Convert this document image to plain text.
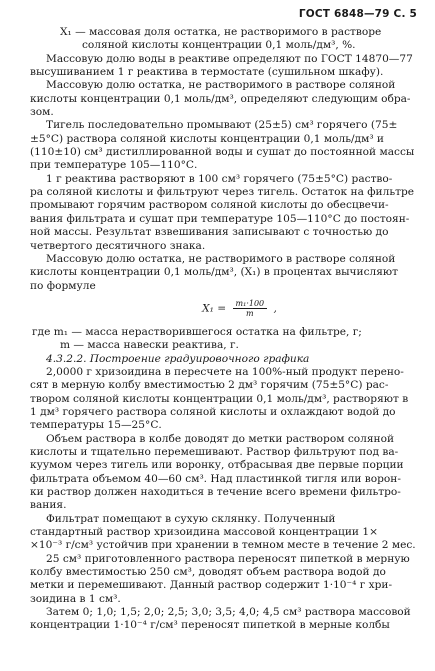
ГОСТ 6848—79 С. 5
X₁ — массовая доля остатка, не растворимого в растворе
соляной кислоты концентрации 0,1 моль/дм³, %.
Массовую долю воды в реактиве определяют по ГОСТ 14870—77
высушиванием 1 г реактива в термостате (сушильном шкафу).
Массовую долю остатка, не растворимого в растворе соляной
кислоты концентрации 0,1 моль/дм³, определяют следующим обра-
зом.
Тигель последовательно промывают (25±5) см³ горячего (75±
±5°С) раствора соляной кислоты концентрации 0,1 моль/дм³ и
(110±10) см³ дистиллированной воды и сушат до постоянной массы
при температуре 105—110°С.
1 г реактива растворяют в 100 см³ горячего (75±5°С) раство-
ра соляной кислоты и фильтруют через тигель. Остаток на фильтре
промывают горячим раствором соляной кислоты до обесцвечи-
вания фильтрата и сушат при температуре 105—110°С до постоян-
ной массы. Результат взвешивания записывают с точностью до
четвертого десятичного знака.
Массовую долю остатка, не растворимого в растворе соляной
кислоты концентрации 0,1 моль/дм³, (X₁) в процентах вычисляют
по формуле
$X_1 = \frac{\text{m₁·100}}{m}$ ,
где m₁ — масса нерастворившегося остатка на фильтре, г;
m — масса навески реактива, г.
4.3.2.2. Построение градуировочного графика
2,0000 г хризоидина в пересчете на 100%-ный продукт перено-
сят в мерную колбу вместимостью 2 дм³ горячим (75±5°С) рас-
твором соляной кислоты концентрации 0,1 моль/дм³, растворяют в
1 дм³ горячего раствора соляной кислоты и охлаждают водой до
температуры 15—25°С.
Объем раствора в колбе доводят до метки раствором соляной
кислоты и тщательно перемешивают. Раствор фильтруют под ва-
куумом через тигель или воронку, отбрасывая две первые порции
фильтрата объемом 40—60 см³. Над пластинкой тигля или ворон-
ки раствор должен находиться в течение всего времени фильтро-
вания.
Фильтрат помещают в сухую склянку. Полученный
стандартный раствор хризоидина массовой концентрации 1×
×10⁻³ г/см³ устойчив при хранении в темном месте в течение 2 мес.
25 см³ приготовленного раствора переносят пипеткой в мерную
колбу вместимостью 250 см³, доводят объем раствора водой до
метки и перемешивают. Данный раствор содержит 1·10⁻⁴ г хри-
зоидина в 1 см³.
Затем 0; 1,0; 1,5; 2,0; 2,5; 3,0; 3,5; 4,0; 4,5 см³ раствора массовой
концентрации 1·10⁻⁴ г/см³ переносят пипеткой в мерные колбы
